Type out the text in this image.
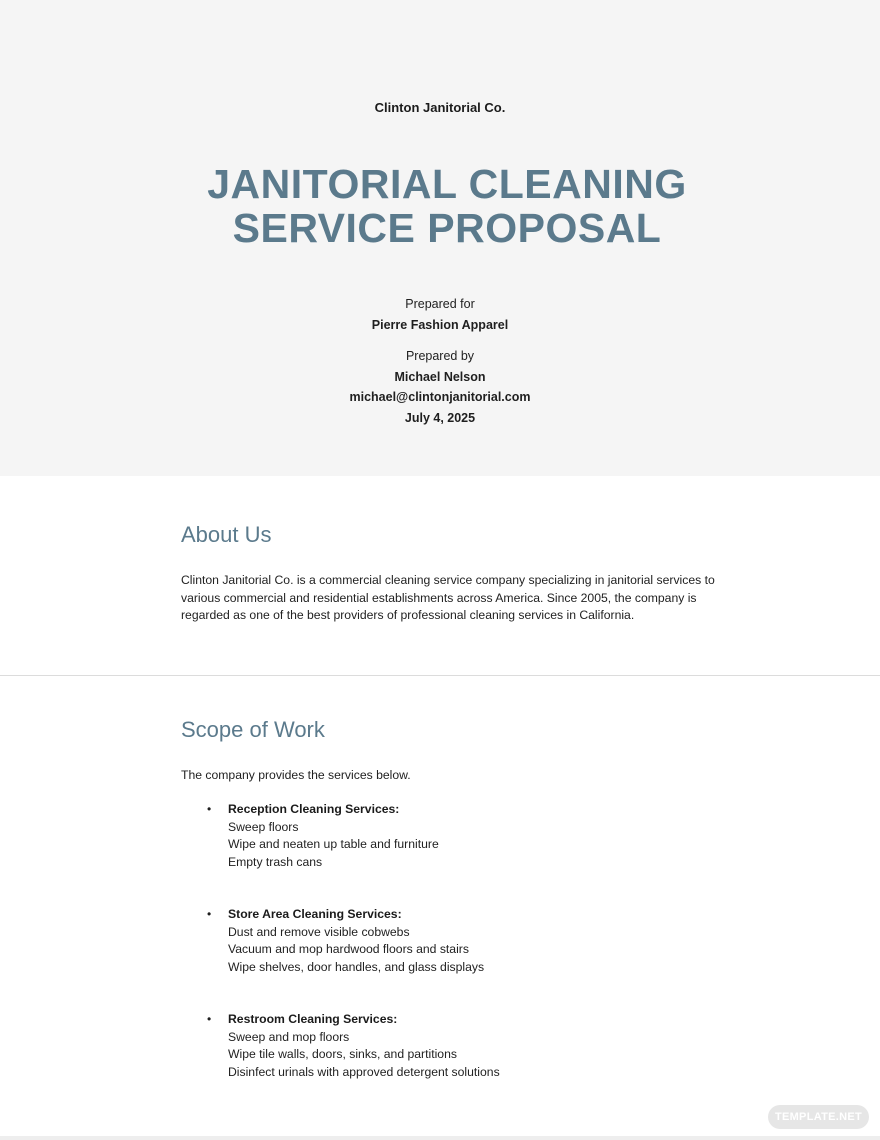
Clinton Janitorial Co.
JANITORIAL CLEANING
SERVICE PROPOSAL
Prepared for
Pierre Fashion Apparel
Prepared by
Michael Nelson
michael@clintonjanitorial.com
July 4, 2025
About Us

Clinton Janitorial Co. is a commercial cleaning service company specializing in janitorial services to

various commercial and residential establishments across America. Since 2005, the company is

regarded as one of the best providers of professional cleaning services in California.

Scope of Work

The company provides the services below.

• Reception Cleaning Services:
Sweep floors
Wipe and neaten up table and furniture
Empty trash cans
• Store Area Cleaning Services:
Dust and remove visible cobwebs
Vacuum and mop hardwood floors and stairs
Wipe shelves, door handles, and glass displays
• Restroom Cleaning Services:
Sweep and mop floors
Wipe tile walls, doors, sinks, and partitions
Disinfect urinals with approved detergent solutions
TEMPLATE.NET
